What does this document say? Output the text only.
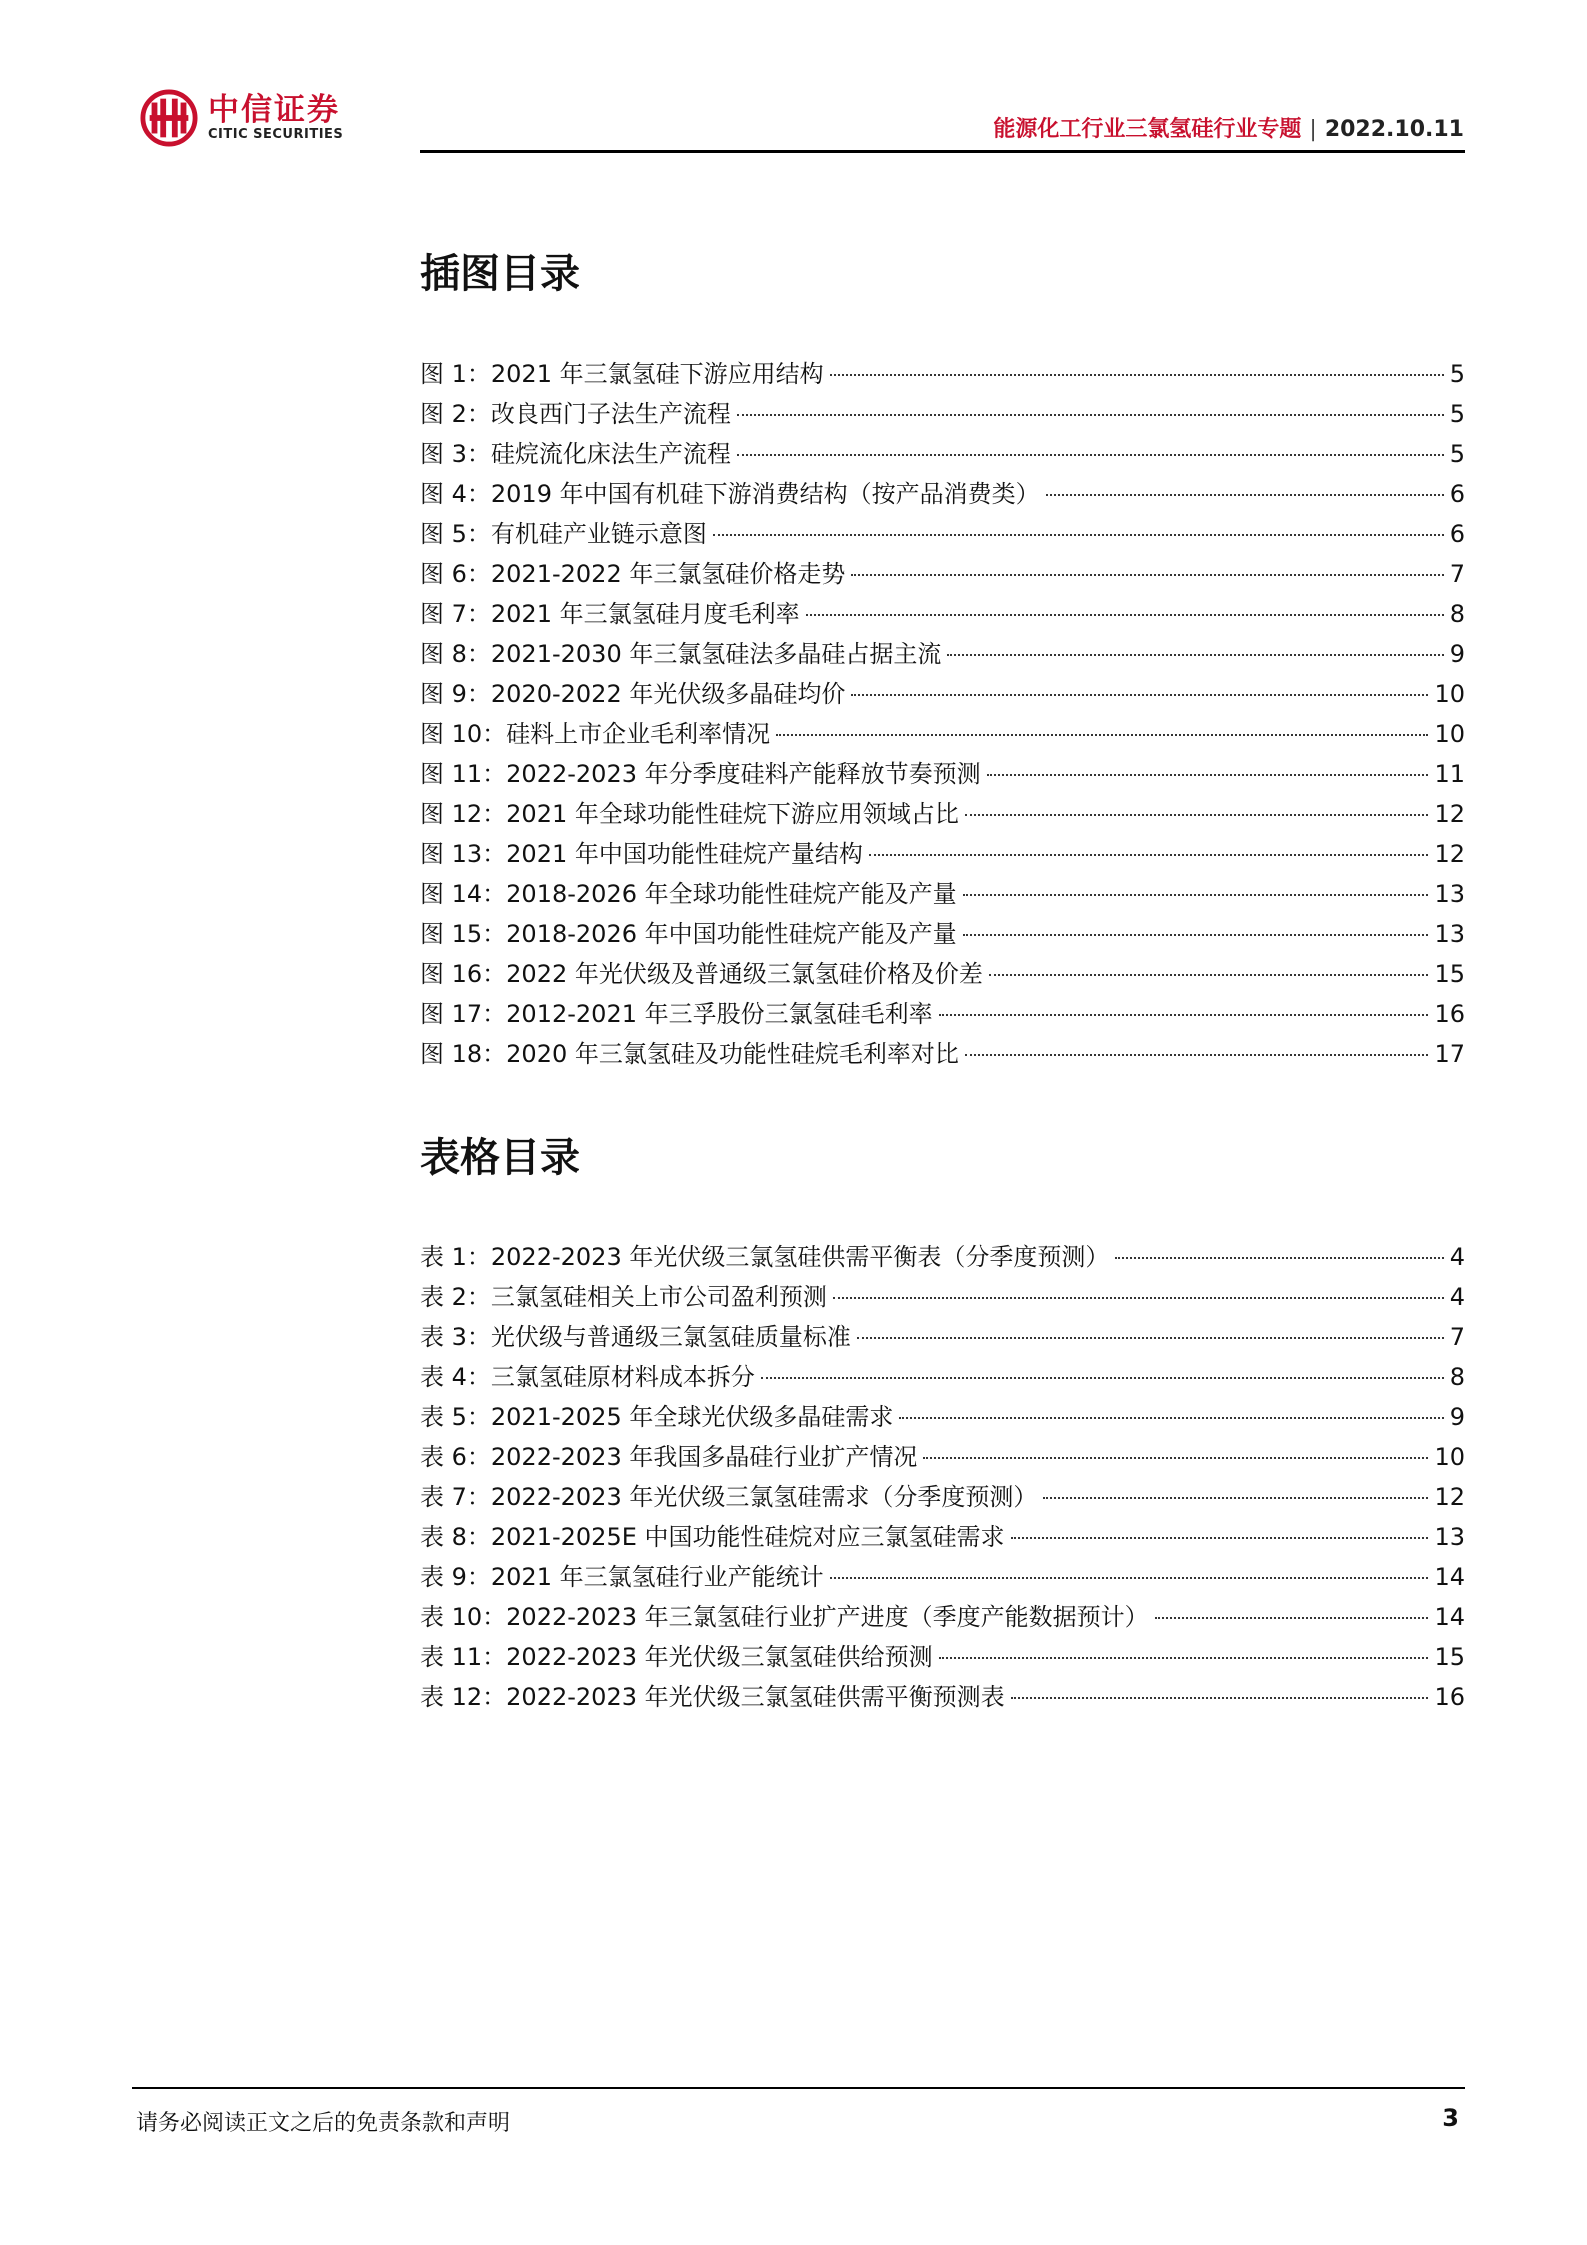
中信证券
CITIC SECURITIES	能源化工行业三氯氢硅行业专题 | 2022.10.11
插图目录
图 1：2021 年三氯氢硅下游应用结构	5
图 2：改良西门子法生产流程	5
图 3：硅烷流化床法生产流程	5
图 4：2019 年中国有机硅下游消费结构（按产品消费类）	6
图 5：有机硅产业链示意图	6
图 6：2021-2022 年三氯氢硅价格走势	7
图 7：2021 年三氯氢硅月度毛利率	8
图 8：2021-2030 年三氯氢硅法多晶硅占据主流	9
图 9：2020-2022 年光伏级多晶硅均价	10
图 10：硅料上市企业毛利率情况	10
图 11：2022-2023 年分季度硅料产能释放节奏预测	11
图 12：2021 年全球功能性硅烷下游应用领域占比	12
图 13：2021 年中国功能性硅烷产量结构	12
图 14：2018-2026 年全球功能性硅烷产能及产量	13
图 15：2018-2026 年中国功能性硅烷产能及产量	13
图 16：2022 年光伏级及普通级三氯氢硅价格及价差	15
图 17：2012-2021 年三孚股份三氯氢硅毛利率	16
图 18：2020 年三氯氢硅及功能性硅烷毛利率对比	17
表格目录
表 1：2022-2023 年光伏级三氯氢硅供需平衡表（分季度预测）	4
表 2：三氯氢硅相关上市公司盈利预测	4
表 3：光伏级与普通级三氯氢硅质量标准	7
表 4：三氯氢硅原材料成本拆分	8
表 5：2021-2025 年全球光伏级多晶硅需求	9
表 6：2022-2023 年我国多晶硅行业扩产情况	10
表 7：2022-2023 年光伏级三氯氢硅需求（分季度预测）	12
表 8：2021-2025E 中国功能性硅烷对应三氯氢硅需求	13
表 9：2021 年三氯氢硅行业产能统计	14
表 10：2022-2023 年三氯氢硅行业扩产进度（季度产能数据预计）	14
表 11：2022-2023 年光伏级三氯氢硅供给预测	15
表 12：2022-2023 年光伏级三氯氢硅供需平衡预测表	16
请务必阅读正文之后的免责条款和声明	3
